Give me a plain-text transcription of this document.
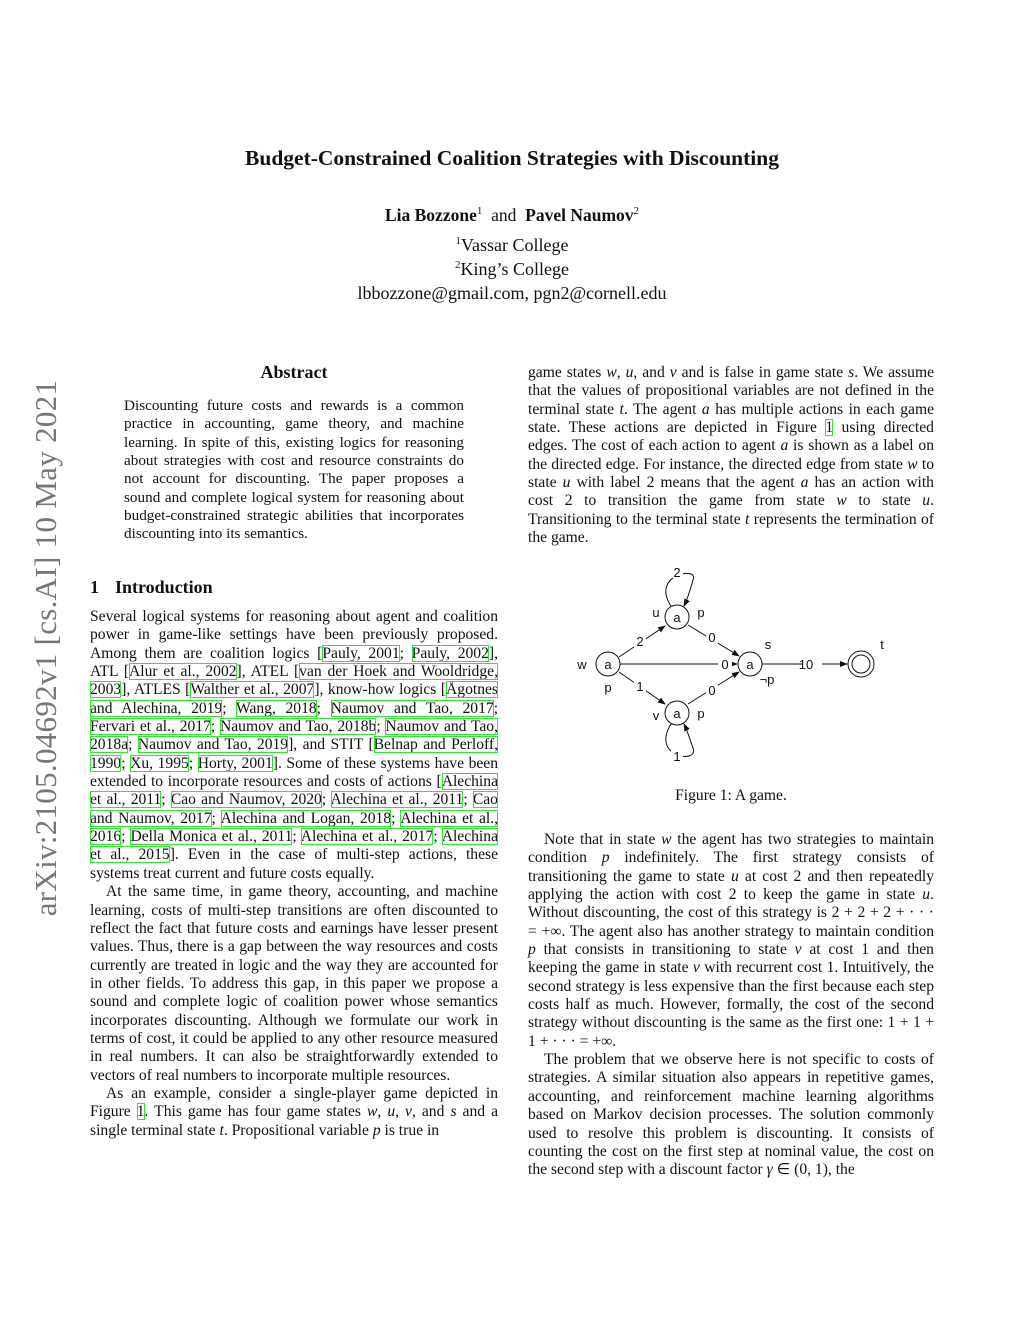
arXiv:2105.04692v1 [cs.AI] 10 May 2021
Budget-Constrained Coalition Strategies with Discounting
Lia Bozzone$^1$ and Pavel Naumov$^2$
$^1$Vassar College
$^2$King’s College
lbbozzone@gmail.com, pgn2@cornell.edu
Abstract

Discounting future costs and rewards is a common practice in accounting, game theory, and machine learning. In spite of this, existing logics for reasoning about strategies with cost and resource constraints do not account for discounting. The paper proposes a sound and complete logical system for reasoning about budget-constrained strategic abilities that incorporates discounting into its semantics.

1 Introduction

Several logical systems for reasoning about agent and coalition power in game-like settings have been previously proposed. Among them are coalition logics [Pauly, 2001; Pauly, 2002], ATL [Alur et al., 2002], ATEL [van der Hoek and Wooldridge, 2003], ATLES [Walther et al., 2007], know-how logics [Ågotnes and Alechina, 2019; Wang, 2018; Naumov and Tao, 2017; Fervari et al., 2017; Naumov and Tao, 2018b; Naumov and Tao, 2018a; Naumov and Tao, 2019], and STIT [Belnap and Perloff, 1990; Xu, 1995; Horty, 2001]. Some of these systems have been extended to incorporate resources and costs of actions [Alechina et al., 2011; Cao and Naumov, 2020; Alechina et al., 2011; Cao and Naumov, 2017; Alechina and Logan, 2018; Alechina et al., 2016; Della Monica et al., 2011; Alechina et al., 2017; Alechina et al., 2015]. Even in the case of multi-step actions, these systems treat current and future costs equally.

At the same time, in game theory, accounting, and machine learning, costs of multi-step transitions are often discounted to reflect the fact that future costs and earnings have lesser present values. Thus, there is a gap between the way resources and costs currently are treated in logic and the way they are accounted for in other fields. To address this gap, in this paper we propose a sound and complete logic of coalition power whose semantics incorporates discounting. Although we formulate our work in terms of cost, it could be applied to any other resource measured in real numbers. It can also be straightforwardly extended to vectors of real numbers to incorporate multiple resources.

As an example, consider a single-player game depicted in Figure 1. This game has four game states w, u, v, and s and a single terminal state t. Propositional variable p is true in

game states w, u, and v and is false in game state s. We assume that the values of propositional variables are not defined in the terminal state t. The agent a has multiple actions in each game state. These actions are depicted in Figure 1 using directed edges. The cost of each action to agent a is shown as a label on the directed edge. For instance, the directed edge from state w to state u with label 2 means that the agent a has an action with cost 2 to transition the game from state w to state u. Transitioning to the terminal state t represents the termination of the game.

a
a
a
a
w
u
v
s	t
p
p
p
¬p
2
0
1
0
0
10
2
1
Figure 1: A game.

Note that in state w the agent has two strategies to maintain condition p indefinitely. The first strategy consists of transitioning the game to state u at cost 2 and then repeatedly applying the action with cost 2 to keep the game in state u. Without discounting, the cost of this strategy is 2 + 2 + 2 + · · · = +∞. The agent also has another strategy to maintain condition p that consists in transitioning to state v at cost 1 and then keeping the game in state v with recurrent cost 1. Intuitively, the second strategy is less expensive than the first because each step costs half as much. However, formally, the cost of the second strategy without discounting is the same as the first one: 1 + 1 + 1 + · · · = +∞.

The problem that we observe here is not specific to costs of strategies. A similar situation also appears in repetitive games, accounting, and reinforcement machine learning algorithms based on Markov decision processes. The solution commonly used to resolve this problem is discounting. It consists of counting the cost on the first step at nominal value, the cost on the second step with a discount factor γ ∈ (0, 1), the
